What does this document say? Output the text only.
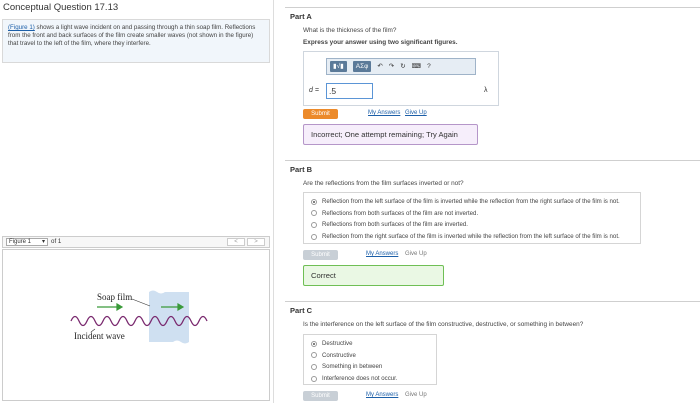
Conceptual Question 17.13
(Figure 1) shows a light wave incident on and passing through a thin soap film. Reflections from the front and back surfaces of the film create smaller waves (not shown in the figure) that travel to the left of the film, where they interfere.
Figure 1 ▾ of 1	<	>
Soap film
Incident wave
Part A
What is the thickness of the film?
Express your answer using two significant figures.
▮√▮	ΑΣφ	↶ ↷ ↻ ⌨ ?
d =	.5	λ
Submit	My Answers Give Up
Incorrect; One attempt remaining; Try Again
Part B
Are the reflections from the film surfaces inverted or not?
Reflection from the left surface of the film is inverted while the reflection from the right surface of the film is not.
Reflections from both surfaces of the film are not inverted.
Reflections from both surfaces of the film are inverted.
Reflection from the right surface of the film is inverted while the reflection from the left surface of the film is not.
Submit	My Answers Give Up
Correct
Part C
Is the interference on the left surface of the film constructive, destructive, or something in between?
Destructive
Constructive
Something in between
Interference does not occur.
Submit	My Answers Give Up
